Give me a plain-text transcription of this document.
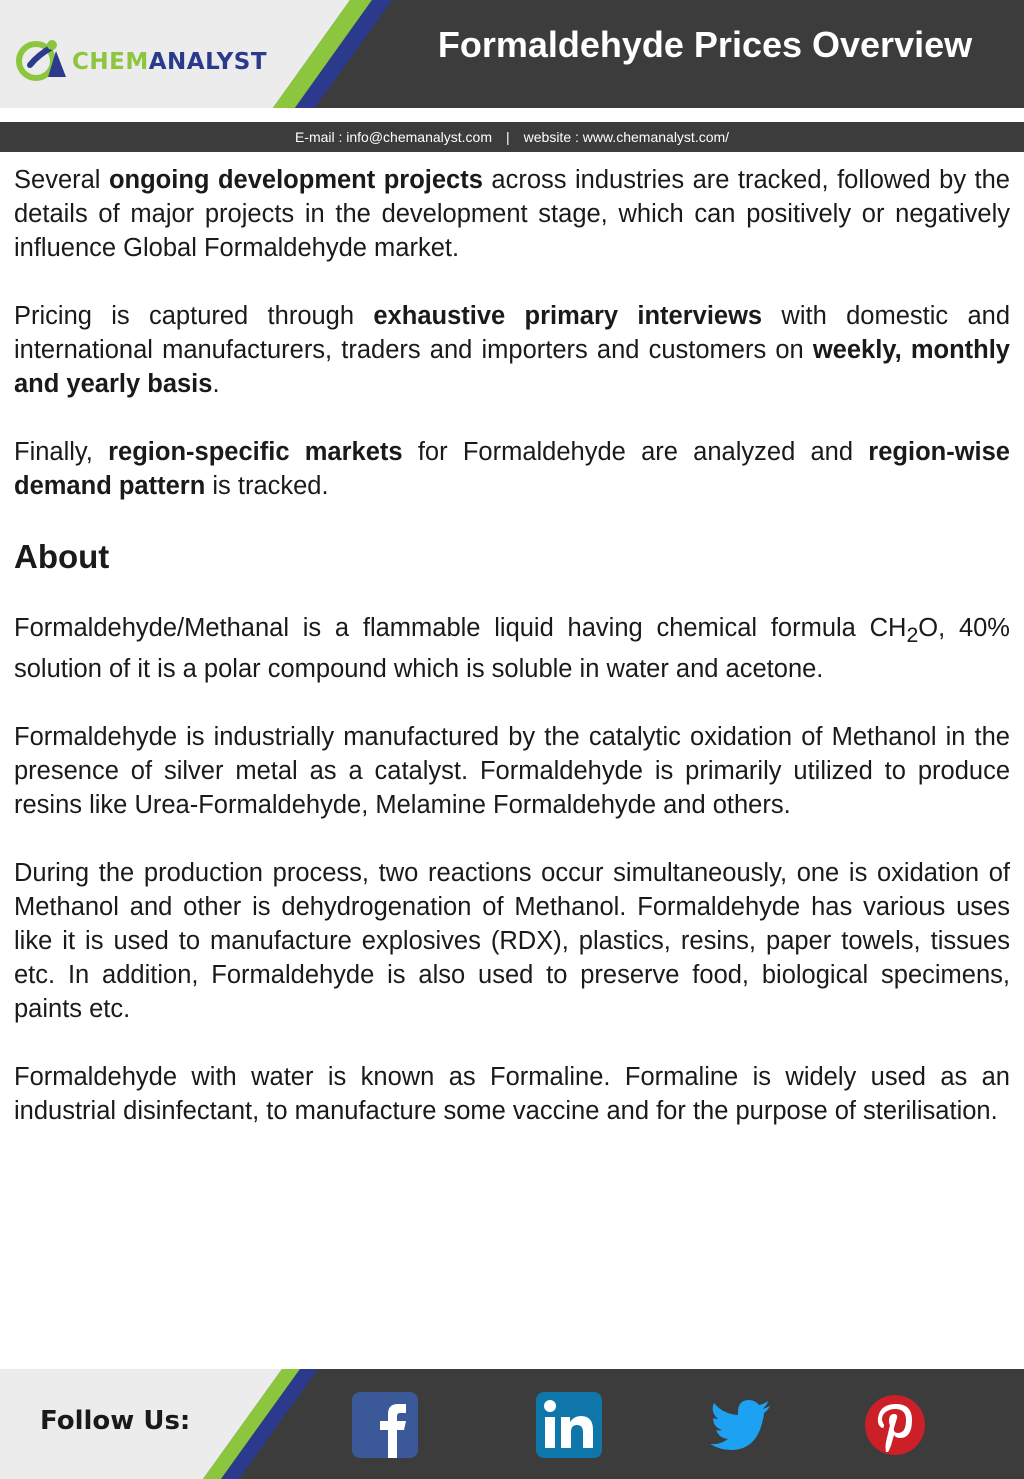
CHEMANALYST	Formaldehyde Prices Overview
E-mail : info@chemanalyst.com | website : www.chemanalyst.com/

Several ongoing development projects across industries are tracked, followed by the details of major projects in the development stage, which can positively or negatively influence Global Formaldehyde market.

Pricing is captured through exhaustive primary interviews with domestic and international manufacturers, traders and importers and customers on weekly, monthly and yearly basis.

Finally, region-specific markets for Formaldehyde are analyzed and region-wise demand pattern is tracked.

About

Formaldehyde/Methanal is a flammable liquid having chemical formula $CH_2O$, 40% solution of it is a polar compound which is soluble in water and acetone.

Formaldehyde is industrially manufactured by the catalytic oxidation of Methanol in the presence of silver metal as a catalyst. Formaldehyde is primarily utilized to produce resins like Urea-Formaldehyde, Melamine Formaldehyde and others.

During the production process, two reactions occur simultaneously, one is oxidation of Methanol and other is dehydrogenation of Methanol. Formaldehyde has various uses like it is used to manufacture explosives (RDX), plastics, resins, paper towels, tissues etc. In addition, Formaldehyde is also used to preserve food, biological specimens, paints etc.

Formaldehyde with water is known as Formaline. Formaline is widely used as an industrial disinfectant, to manufacture some vaccine and for the purpose of sterilisation.

Follow Us:
